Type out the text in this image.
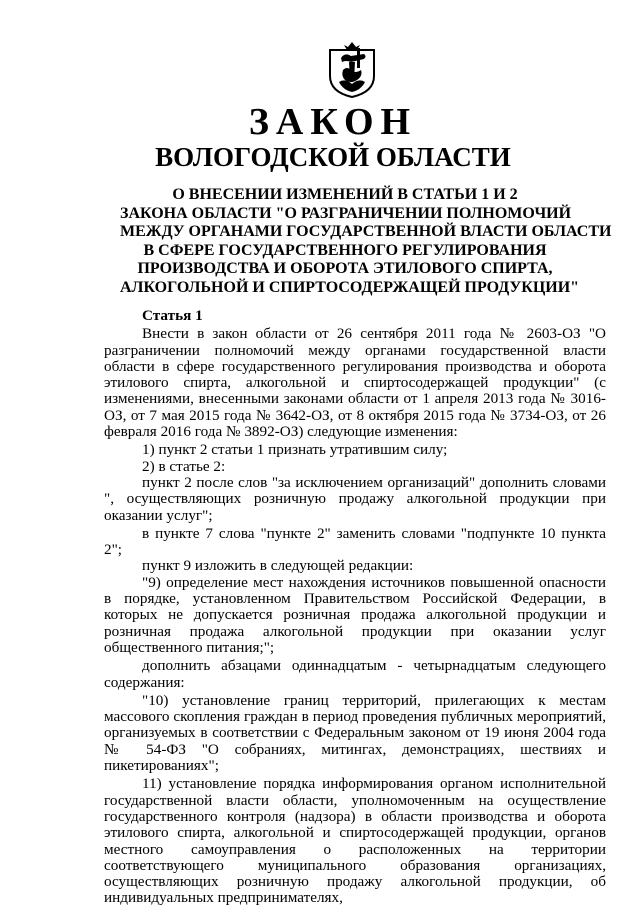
ЗАКОН
ВОЛОГОДСКОЙ ОБЛАСТИ
О ВНЕСЕНИИ ИЗМЕНЕНИЙ В СТАТЬИ 1 И 2
ЗАКОНА ОБЛАСТИ "О РАЗГРАНИЧЕНИИ ПОЛНОМОЧИЙ
МЕЖДУ ОРГАНАМИ ГОСУДАРСТВЕННОЙ ВЛАСТИ ОБЛАСТИ
В СФЕРЕ ГОСУДАРСТВЕННОГО РЕГУЛИРОВАНИЯ
ПРОИЗВОДСТВА И ОБОРОТА ЭТИЛОВОГО СПИРТА,
АЛКОГОЛЬНОЙ И СПИРТОСОДЕРЖАЩЕЙ ПРОДУКЦИИ"
Статья 1

Внести в закон области от 26 сентября 2011 года № 2603-ОЗ "О разграничении полномочий между органами государственной власти области в сфере государственного регулирования производства и оборота этилового спирта, алкогольной и спиртосодержащей продукции" (с изменениями, внесенными законами области от 1 апреля 2013 года № 3016-ОЗ, от 7 мая 2015 года № 3642-ОЗ, от 8 октября 2015 года № 3734-ОЗ, от 26 февраля 2016 года № 3892-ОЗ) следующие изменения:

1) пункт 2 статьи 1 признать утратившим силу;

2) в статье 2:

пункт 2 после слов "за исключением организаций" дополнить словами ", осуществляющих розничную продажу алкогольной продукции при оказании услуг";

в пункте 7 слова "пункте 2" заменить словами "подпункте 10 пункта 2";

пункт 9 изложить в следующей редакции:

"9) определение мест нахождения источников повышенной опасности в порядке, установленном Правительством Российской Федерации, в которых не допускается розничная продажа алкогольной продукции и розничная продажа алкогольной продукции при оказании услуг общественного питания;";

дополнить абзацами одиннадцатым - четырнадцатым следующего содержания:

"10) установление границ территорий, прилегающих к местам массового скопления граждан в период проведения публичных мероприятий, организуемых в соответствии с Федеральным законом от 19 июня 2004 года № 54-ФЗ "О собраниях, митингах, демонстрациях, шествиях и пикетированиях";

11) установление порядка информирования органом исполнительной государственной власти области, уполномоченным на осуществление государственного контроля (надзора) в области производства и оборота этилового спирта, алкогольной и спиртосодержащей продукции, органов местного самоуправления о расположенных на территории соответствующего муниципального образования организациях, осуществляющих розничную продажу алкогольной продукции, об индивидуальных предпринимателях,
